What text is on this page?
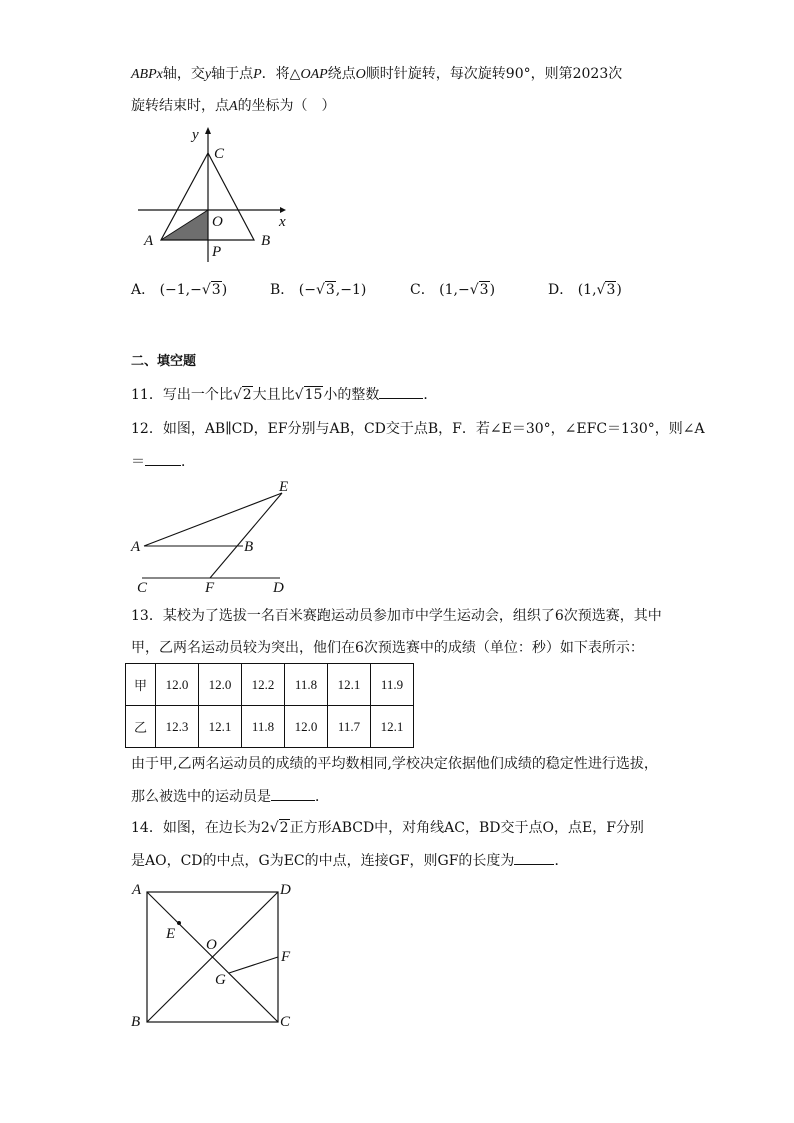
ABPx轴，交y轴于点P．将△OAP绕点O顺时针旋转，每次旋转90°，则第2023次
旋转结束时，点A的坐标为（　）
y
C
O	x
A
P
B
A． (−1,−√3)	B． (−√3,−1)	C． (1,−√3)	D． (1,√3)
二、填空题
11．写出一个比√2大且比√15小的整数	．
12．如图，AB∥CD，EF分别与AB，CD交于点B，F．若∠E＝30°，∠EFC＝130°，则∠A
＝	．
E
A	B
C	F	D
13．某校为了选拔一名百米赛跑运动员参加市中学生运动会，组织了6次预选赛，其中
甲，乙两名运动员较为突出，他们在6次预选赛中的成绩（单位：秒）如下表所示：
甲	12.0	12.0	12.2	11.8	12.1	11.9
乙	12.3	12.1	11.8	12.0	11.7	12.1
由于甲,乙两名运动员的成绩的平均数相同,学校决定依据他们成绩的稳定性进行选拔，
那么被选中的运动员是	．
14．如图，在边长为2√2正方形ABCD中，对角线AC，BD交于点O，点E，F分别
是AO，CD的中点，G为EC的中点，连接GF，则GF的长度为	．
A	D
E
O
F
G
B	C
